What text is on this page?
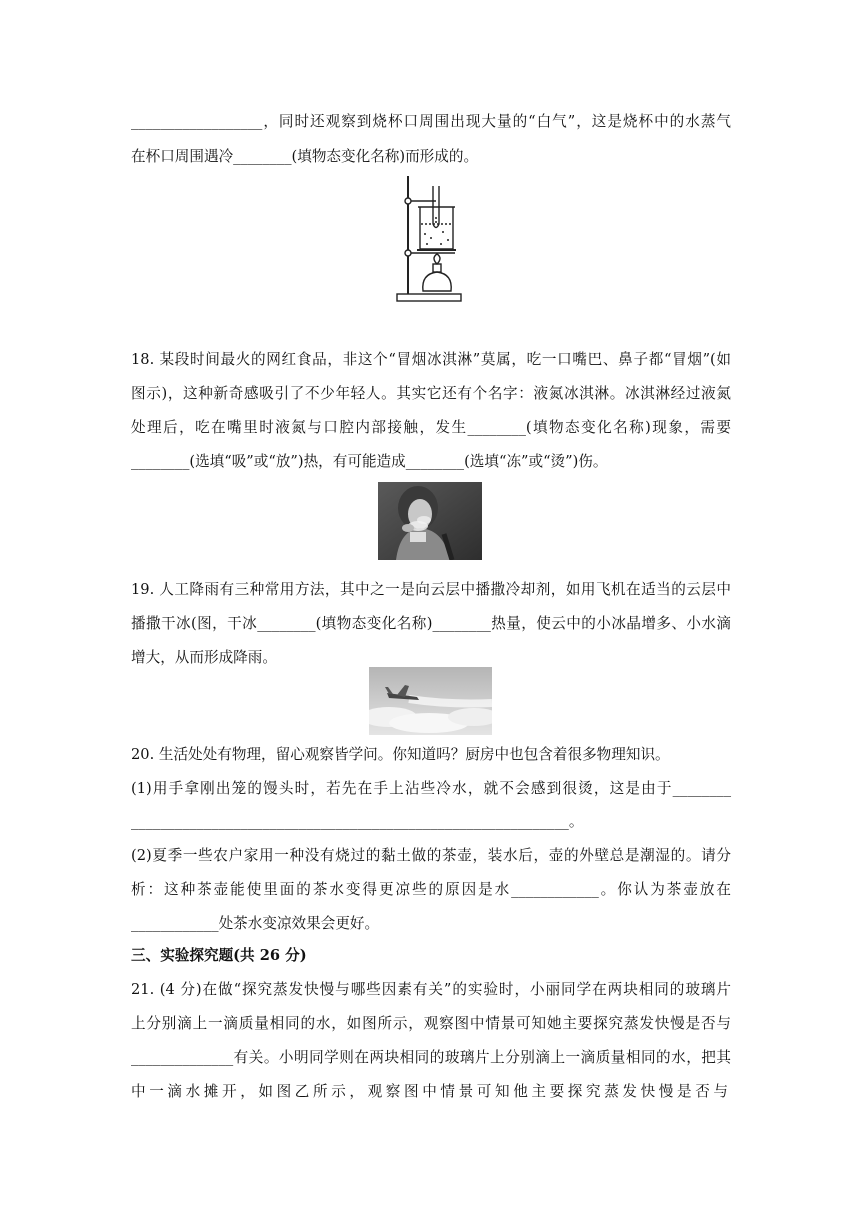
__________________，同时还观察到烧杯口周围出现大量的“白气”，这是烧杯中的水蒸气
在杯口周围遇冷________(填物态变化名称)而形成的。
18. 某段时间最火的网红食品，非这个“冒烟冰淇淋”莫属，吃一口嘴巴、鼻子都“冒烟”(如
图示)，这种新奇感吸引了不少年轻人。其实它还有个名字：液氮冰淇淋。冰淇淋经过液氮
处理后，吃在嘴里时液氮与口腔内部接触，发生________(填物态变化名称)现象，需要
________(选填“吸”或“放”)热，有可能造成________(选填“冻”或“烫”)伤。
19. 人工降雨有三种常用方法，其中之一是向云层中播撒冷却剂，如用飞机在适当的云层中
播撒干冰(图，干冰________(填物态变化名称)________热量，使云中的小冰晶增多、小水滴
增大，从而形成降雨。
20. 生活处处有物理，留心观察皆学问。你知道吗？厨房中也包含着很多物理知识。
(1)用手拿刚出笼的馒头时，若先在手上沾些冷水，就不会感到很烫，这是由于________
____________________________________________________________。
(2)夏季一些农户家用一种没有烧过的黏土做的茶壶，装水后，壶的外壁总是潮湿的。请分
析：这种茶壶能使里面的茶水变得更凉些的原因是水____________。你认为茶壶放在
____________处茶水变凉效果会更好。
三、实验探究题(共 26 分)
21. (4 分)在做“探究蒸发快慢与哪些因素有关”的实验时，小丽同学在两块相同的玻璃片
上分别滴上一滴质量相同的水，如图所示，观察图中情景可知她主要探究蒸发快慢是否与
______________有关。小明同学则在两块相同的玻璃片上分别滴上一滴质量相同的水，把其
中一滴水摊开，如图乙所示，观察图中情景可知他主要探究蒸发快慢是否与
